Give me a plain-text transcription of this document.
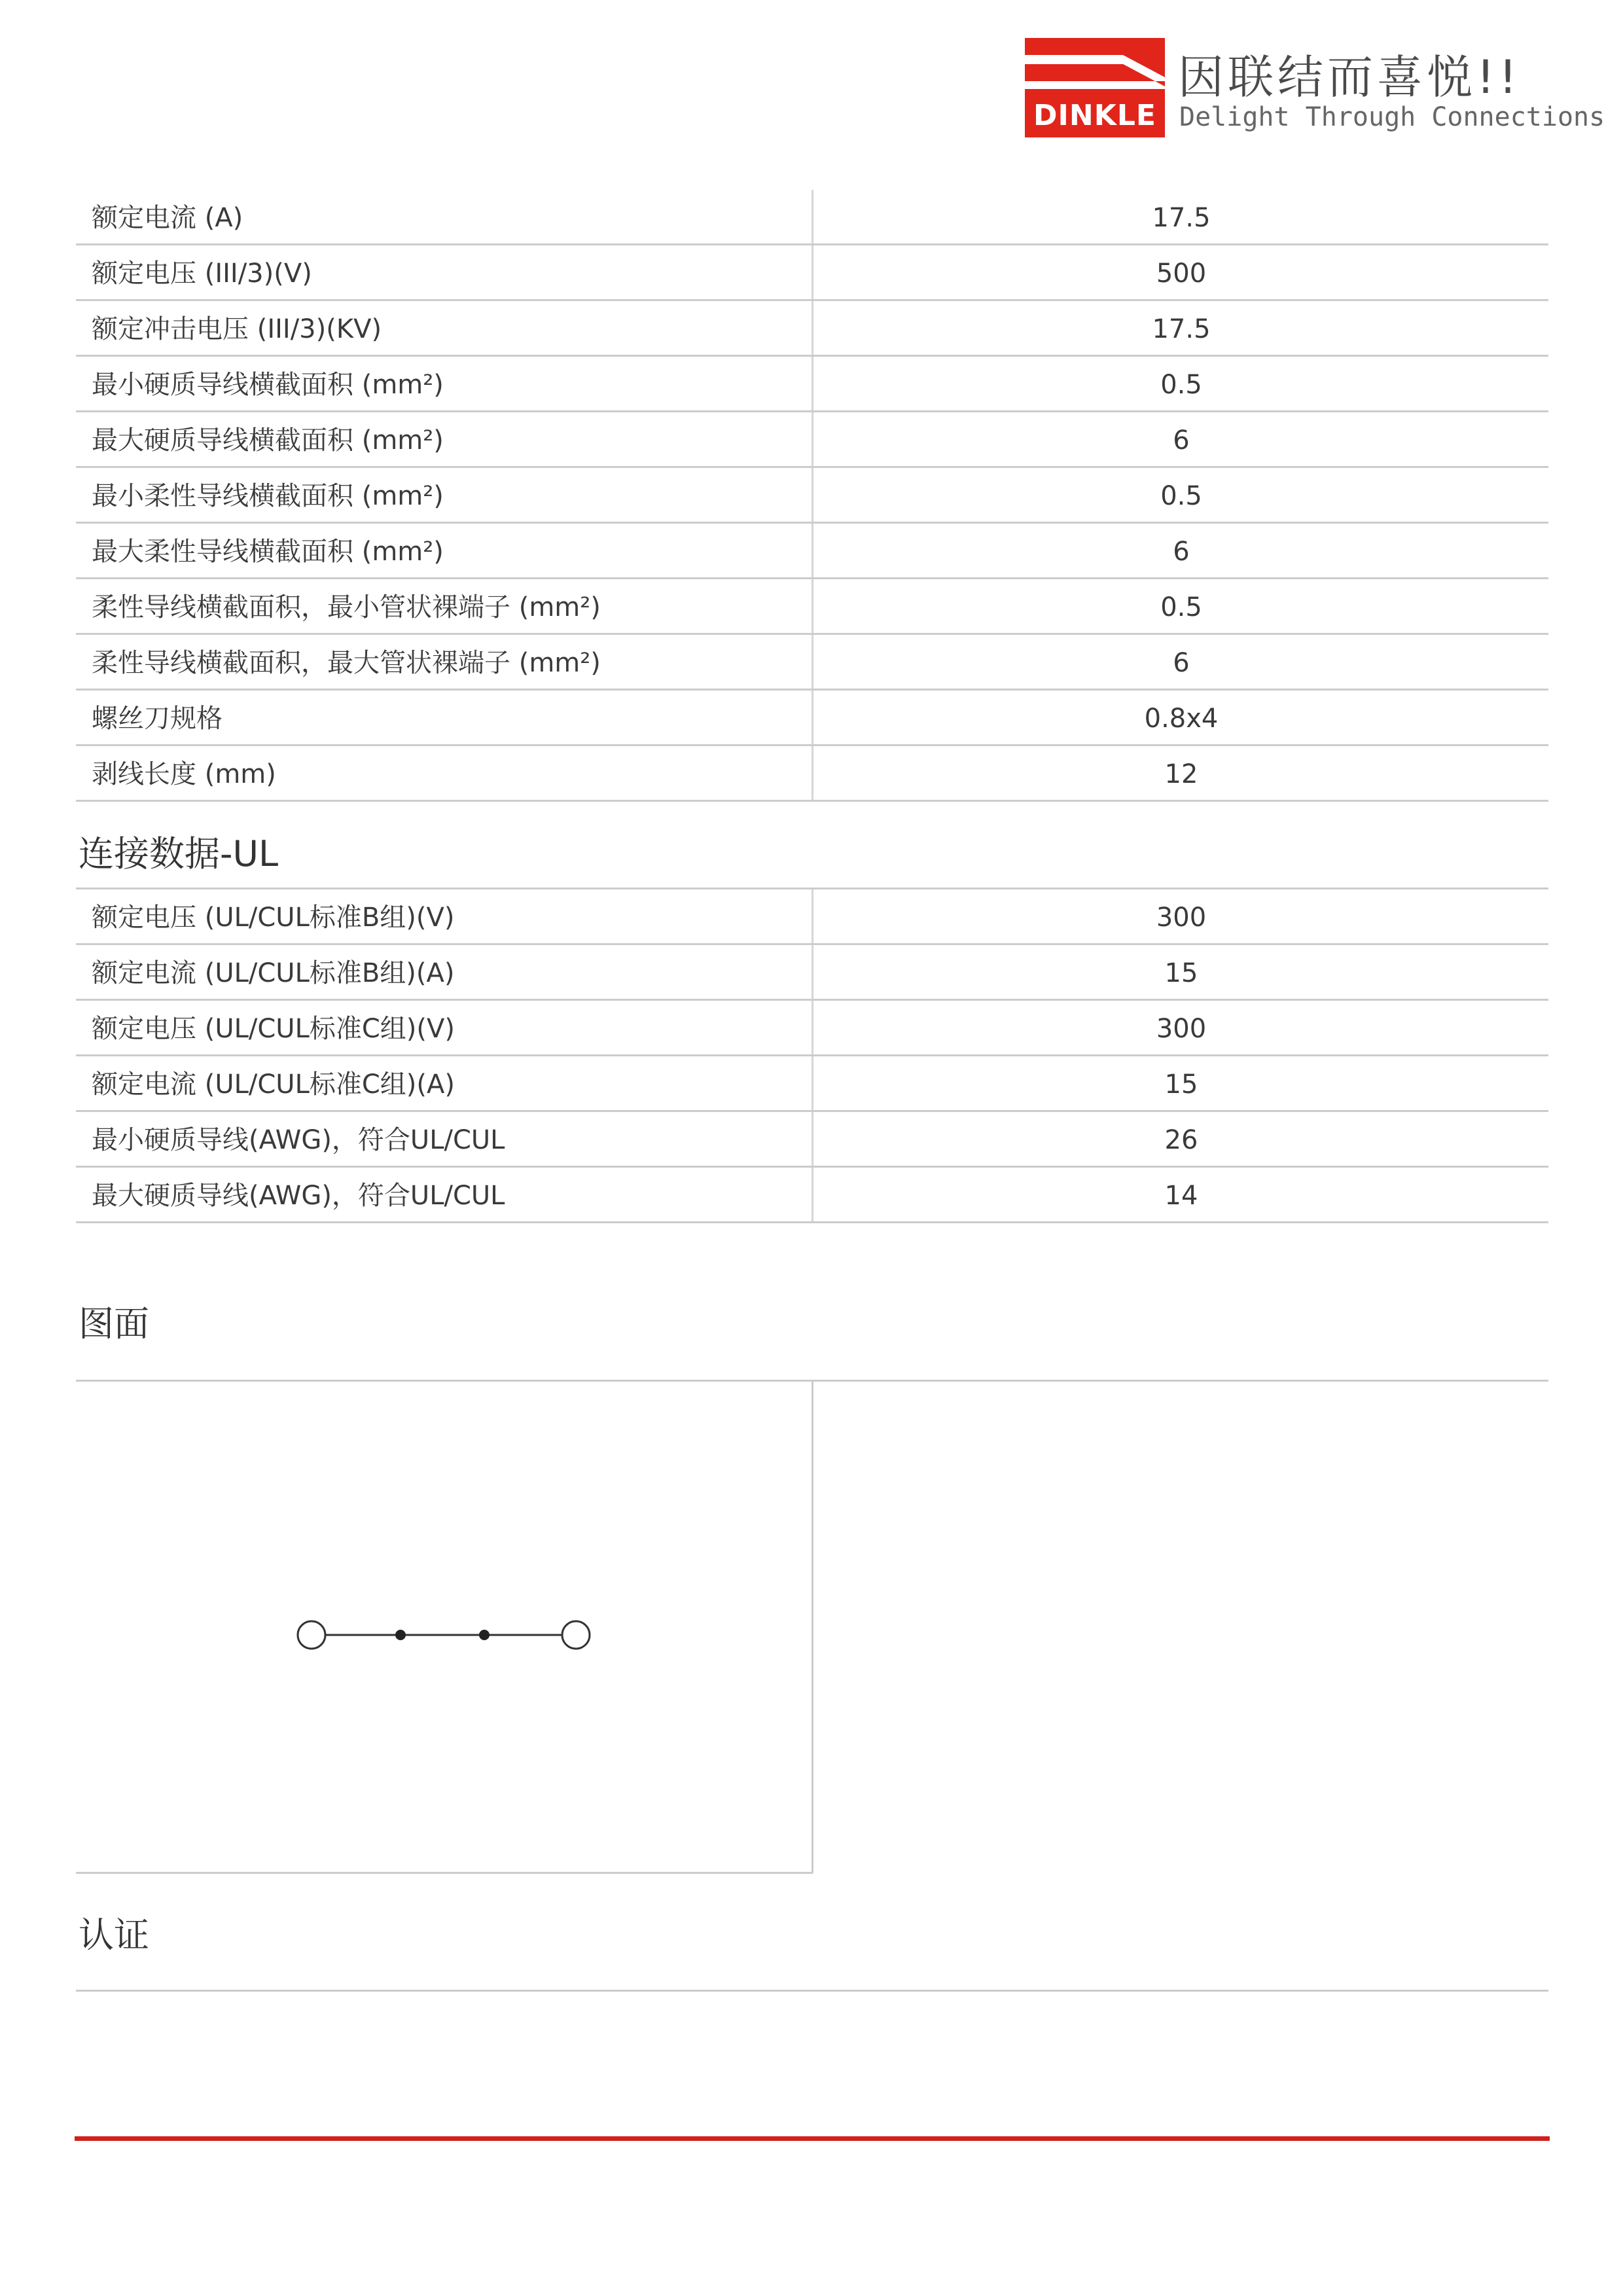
DINKLE
因联结而喜悦!!
Delight Through Connections
额定电流 (A)	17.5
额定电压 (III/3)(V)	500
额定冲击电压 (III/3)(KV)	17.5
最小硬质导线横截面积 (mm²)	0.5
最大硬质导线横截面积 (mm²)	6
最小柔性导线横截面积 (mm²)	0.5
最大柔性导线横截面积 (mm²)	6
柔性导线横截面积，最小管状裸端子 (mm²)	0.5
柔性导线横截面积，最大管状裸端子 (mm²)	6
螺丝刀规格	0.8x4
剥线长度 (mm)	12
连接数据-UL
额定电压 (UL/CUL标准B组)(V)	300
额定电流 (UL/CUL标准B组)(A)	15
额定电压 (UL/CUL标准C组)(V)	300
额定电流 (UL/CUL标准C组)(A)	15
最小硬质导线(AWG)，符合UL/CUL	26
最大硬质导线(AWG)，符合UL/CUL	14
图面
认证
